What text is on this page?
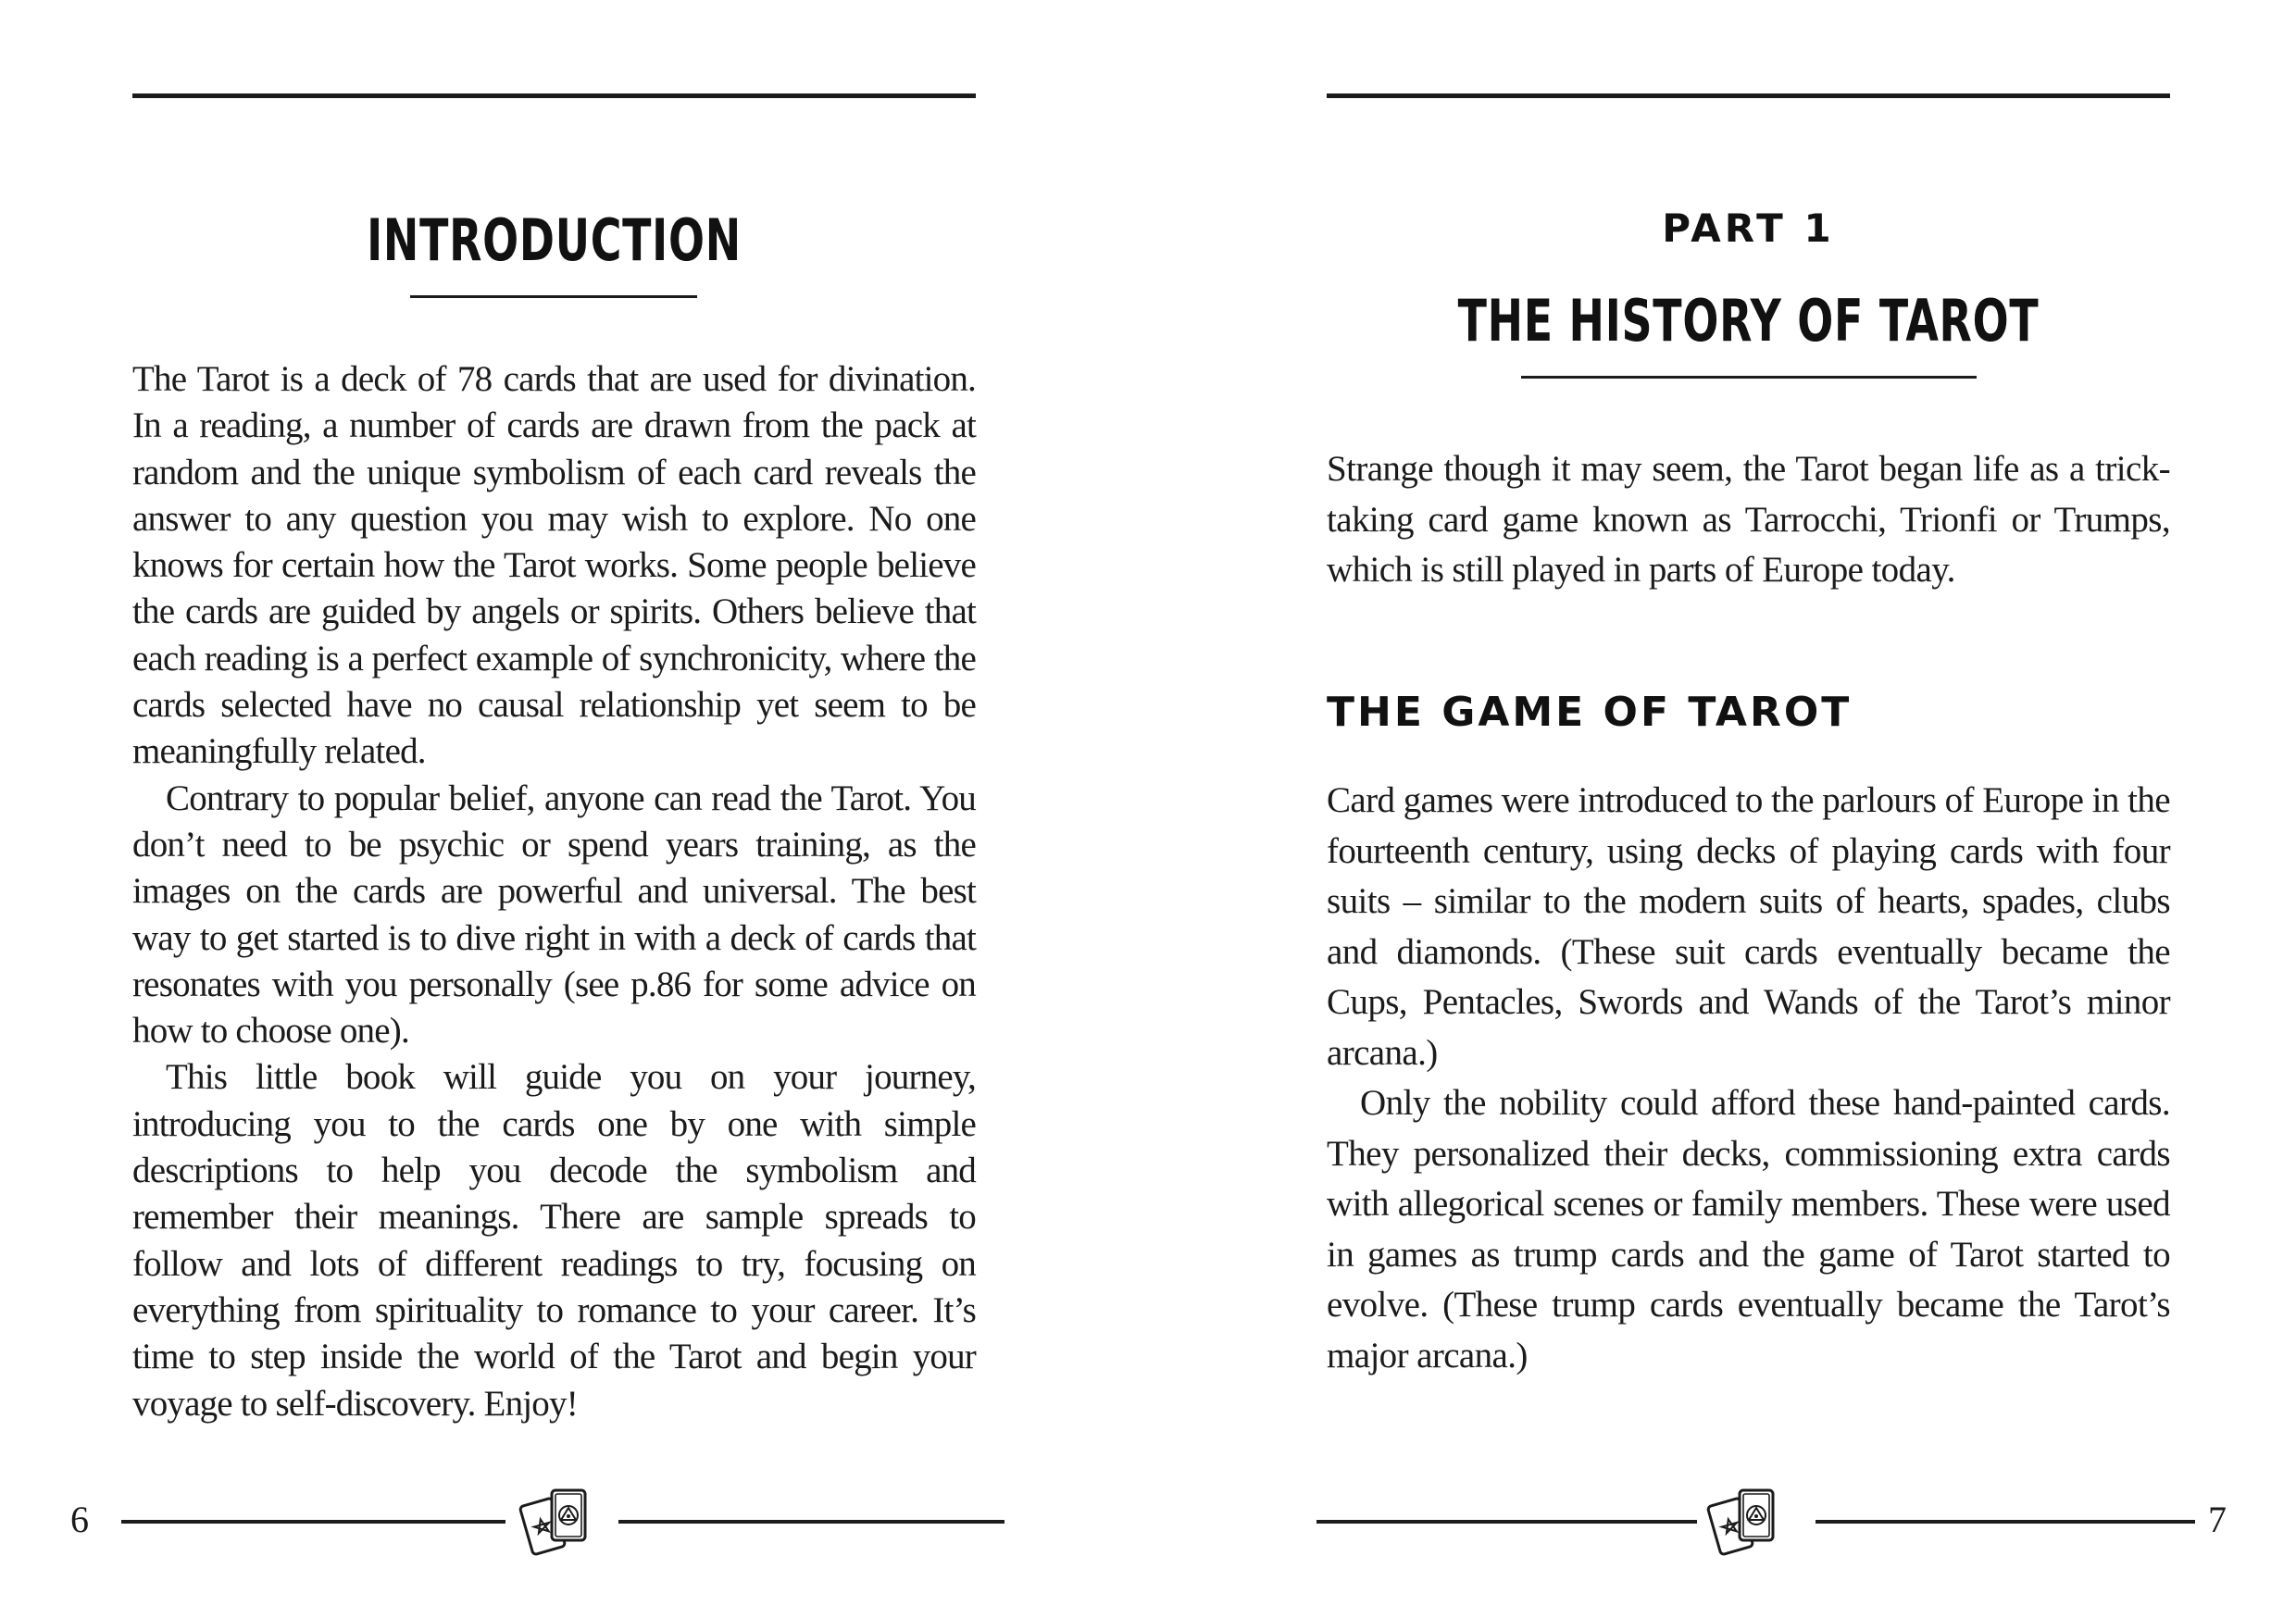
INTRODUCTION

The Tarot is a deck of 78 cards that are used for divination. In a reading, a number of cards are drawn from the pack at random and the unique symbolism of each card reveals the answer to any question you may wish to explore. No one knows for certain how the Tarot works. Some people believe the cards are guided by angels or spirits. Others believe that each reading is a perfect example of synchronicity, where the cards selected have no causal relationship yet seem to be meaningfully related.

Contrary to popular belief, anyone can read the Tarot. You don’t need to be psychic or spend years training, as the images on the cards are powerful and universal. The best way to get started is to dive right in with a deck of cards that resonates with you personally (see p.86 for some advice on how to choose one).

This little book will guide you on your journey, introducing you to the cards one by one with simple descriptions to help you decode the symbolism and remember their meanings. There are sample spreads to follow and lots of different readings to try, focusing on everything from spirituality to romance to your career. It’s time to step inside the world of the Tarot and begin your voyage to self-discovery. Enjoy!

6
PART 1
THE HISTORY OF TAROT

Strange though it may seem, the Tarot began life as a trick-taking card game known as Tarrocchi, Trionfi or Trumps, which is still played in parts of Europe today.

THE GAME OF TAROT

Card games were introduced to the parlours of Europe in the fourteenth century, using decks of playing cards with four suits – similar to the modern suits of hearts, spades, clubs and diamonds. (These suit cards eventually became the Cups, Pentacles, Swords and Wands of the Tarot’s minor arcana.)

Only the nobility could afford these hand-painted cards. They personalized their decks, commissioning extra cards with allegorical scenes or family members. These were used in games as trump cards and the game of Tarot started to evolve. (These trump cards eventually became the Tarot’s major arcana.)

7
